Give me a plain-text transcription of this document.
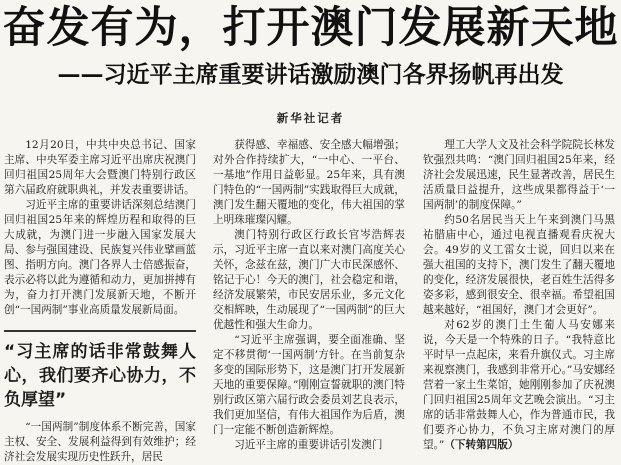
奋发有为，打开澳门发展新天地
——习近平主席重要讲话激励澳门各界扬帆再出发
新华社记者

12月20日，中共中央总书记、国家主席、中央军委主席习近平出席庆祝澳门回归祖国25周年大会暨澳门特别行政区第六届政府就职典礼，并发表重要讲话。

习近平主席的重要讲话深刻总结澳门回归祖国25年来的辉煌历程和取得的巨大成就，为澳门进一步融入国家发展大局、参与强国建设、民族复兴伟业擘画蓝图、指明方向。澳门各界人士倍感振奋，表示必将以此为遵循和动力，更加拼搏有为，奋力打开澳门发展新天地，不断开创“一国两制”事业高质量发展新局面。

“习主席的话非常鼓舞人心，我们要齐心协力，不负厚望”

“一国两制”制度体系不断完善，国家主权、安全、发展利益得到有效维护；经济社会发展实现历史性跃升，居民

获得感、幸福感、安全感大幅增强；对外合作持续扩大，“一中心、一平台、一基地”作用日益彰显。25年来，具有澳门特色的“一国两制”实践取得巨大成就，澳门发生翻天覆地的变化，伟大祖国的掌上明珠璀璨闪耀。

澳门特别行政区行政长官岑浩辉表示，习近平主席一直以来对澳门高度关心关怀，念兹在兹，澳门广大市民深感怀、铭记于心！今天的澳门，社会稳定和谐，经济发展繁荣，市民安居乐业，多元文化交相辉映，生动展现了“一国两制”的巨大优越性和强大生命力。

“习近平主席强调，要全面准确、坚定不移贯彻‘一国两制’方针。在当前复杂多变的国际形势下，这是澳门打开发展新天地的重要保障。”刚刚宣誓就职的澳门特别行政区第六届行政会委员刘艺良表示，我们更加坚信，有伟大祖国作为后盾，澳门一定能不断创造新辉煌。

习近平主席的重要讲话引发澳门

理工大学人文及社会科学院院长林发钦强烈共鸣：“澳门回归祖国25年来，经济社会发展迅速，民生显著改善，居民生活质量日益提升，这些成果都得益于‘一国两制’的制度保障。”

约50名居民当天上午来到澳门马黑祐腊庙中心，通过电视直播观看庆祝大会。49岁的义工雷女士说，回归以来在强大祖国的支持下，澳门发生了翻天覆地的变化，经济发展很快，老百姓生活得多姿多彩，感到很安全、很幸福。希望祖国越来越好，“祖国好，澳门才会更好”。

对62岁的澳门土生葡人马安娜来说，今天是一个特殊的日子。“我特意比平时早一点起床，来看升旗仪式。习主席来视察澳门，我感到非常开心。”马安娜经营着一家土生菜馆，她刚刚参加了庆祝澳门回归祖国25周年文艺晚会演出。“习主席的话非常鼓舞人心，作为普通市民，我们要齐心协力，不负习主席对澳门的厚望。”（下转第四版）
